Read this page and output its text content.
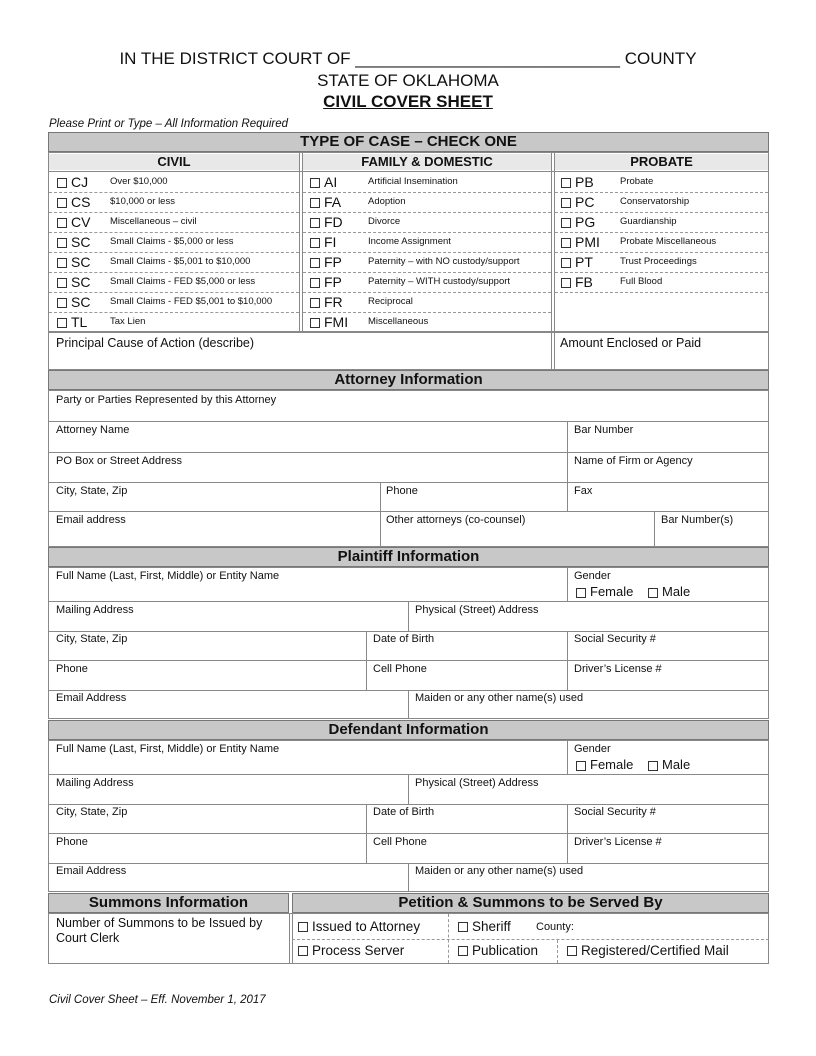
IN THE DISTRICT COURT OF ____________________________ COUNTY
STATE OF OKLAHOMA
CIVIL COVER SHEET
Please Print or Type – All Information Required
TYPE OF CASE – CHECK ONE
CIVIL	FAMILY & DOMESTIC	PROBATE
CJ Over $10,000
CS $10,000 or less
CV Miscellaneous – civil
SC Small Claims - $5,000 or less
SC Small Claims - $5,001 to $10,000
SC Small Claims - FED $5,000 or less
SC Small Claims - FED $5,001 to $10,000
TL Tax Lien
AI	Artificial Insemination
FA	Adoption
FD	Divorce
FI	Income Assignment
FP	Paternity – with NO custody/support
FP	Paternity – WITH custody/support
FR	Reciprocal
FMI Miscellaneous
PB	Probate
PC	Conservatorship
PG	Guardianship
PMI Probate Miscellaneous
PT	Trust Proceedings
FB	Full Blood
Principal Cause of Action (describe)	Amount Enclosed or Paid
Attorney Information
Party or Parties Represented by this Attorney
Attorney Name	Bar Number
PO Box or Street Address	Name of Firm or Agency
City, State, Zip	Phone	Fax
Email address	Other attorneys (co-counsel)	Bar Number(s)
Plaintiff Information
Full Name (Last, First, Middle) or Entity Name	Gender
Female	Male
Mailing Address	Physical (Street) Address
City, State, Zip	Date of Birth	Social Security #
Phone	Cell Phone	Driver’s License #
Email Address	Maiden or any other name(s) used
Defendant Information
Full Name (Last, First, Middle) or Entity Name	Gender
Female	Male
Mailing Address	Physical (Street) Address
City, State, Zip	Date of Birth	Social Security #
Phone	Cell Phone	Driver’s License #
Email Address	Maiden or any other name(s) used
Summons Information	Petition & Summons to be Served By
Number of Summons to be Issued by Court Clerk
Issued to Attorney	Sheriff County:
Process Server	Publication	Registered/Certified Mail
Civil Cover Sheet – Eff. November 1, 2017
